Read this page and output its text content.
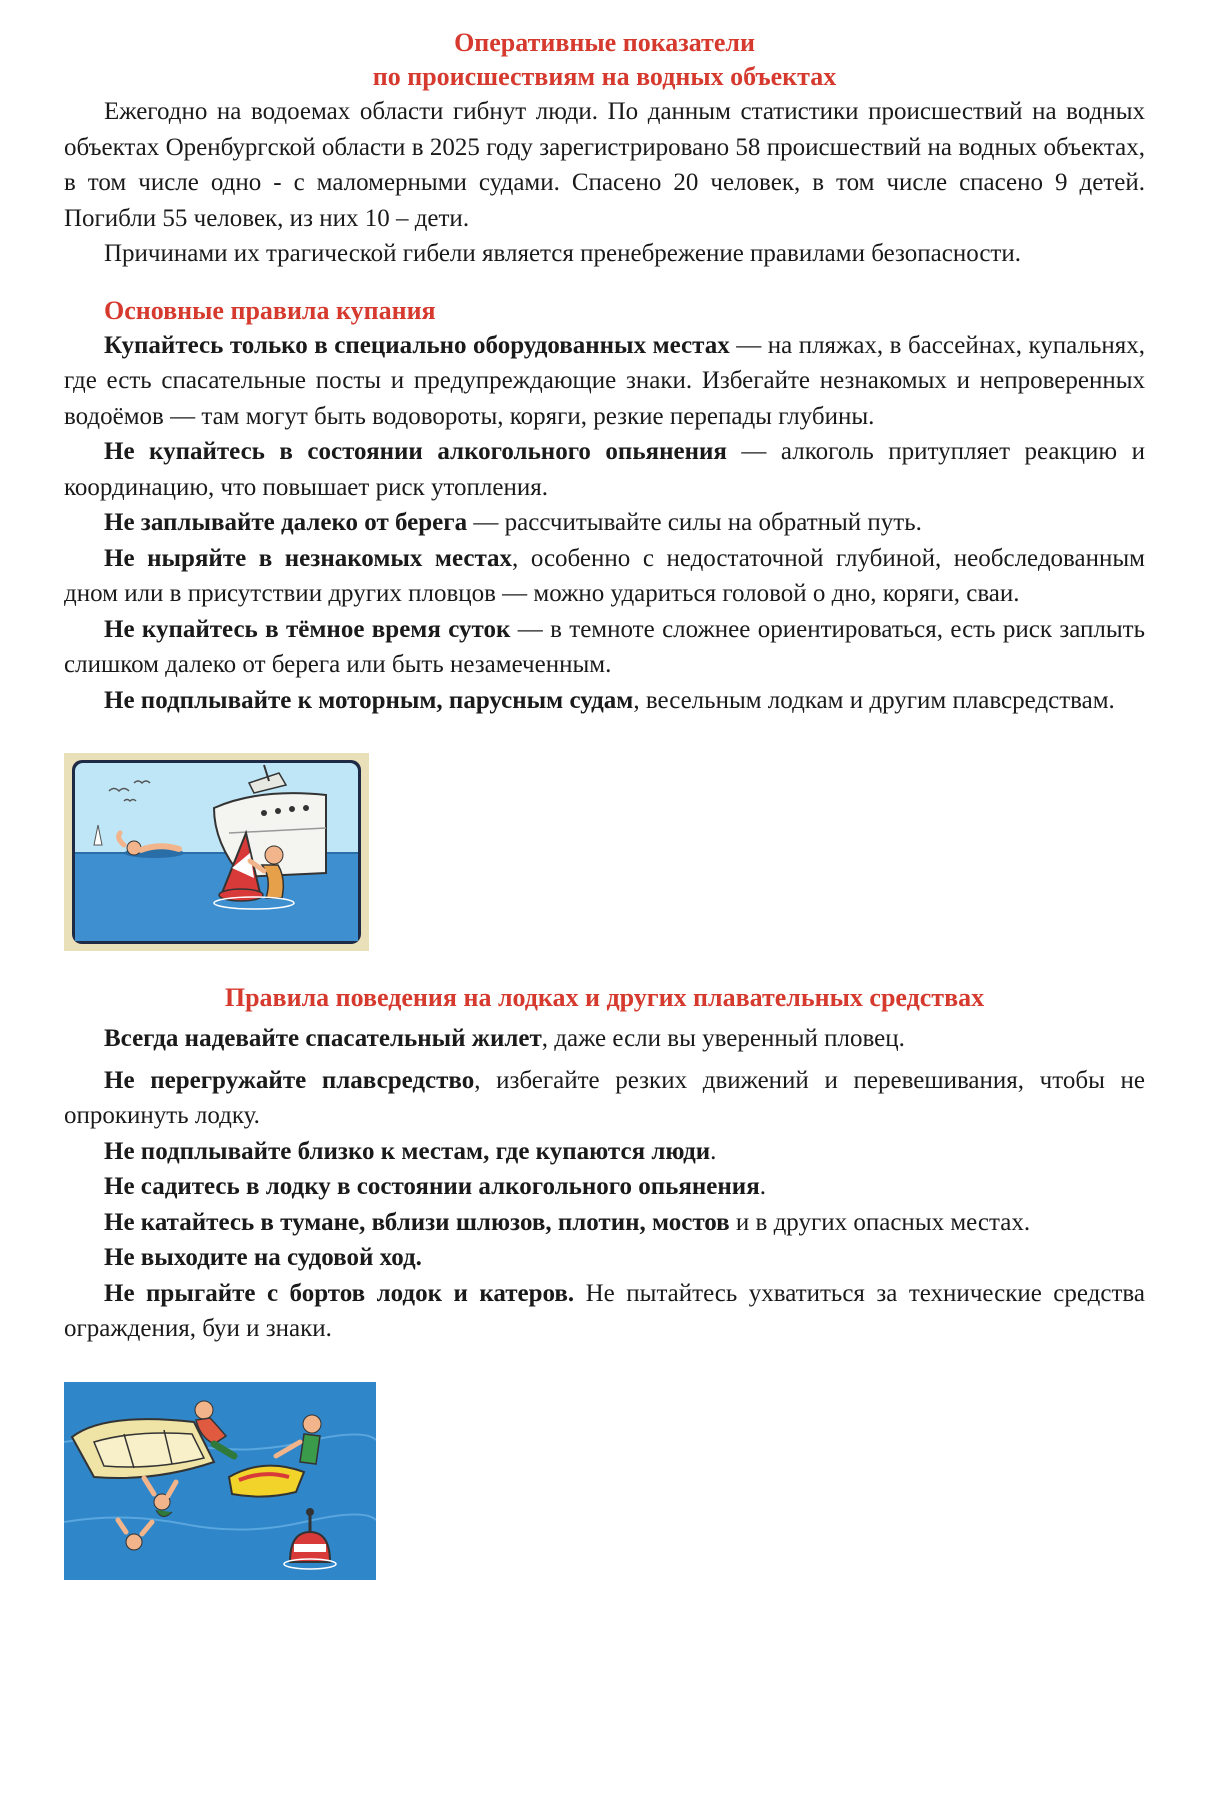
Оперативные показатели
по происшествиям на водных объектах

Ежегодно на водоемах области гибнут люди. По данным статистики происшествий на водных объектах Оренбургской области в 2025 году зарегистрировано 58 происшествий на водных объектах, в том числе одно - с маломерными судами. Спасено 20 человек, в том числе спасено 9 детей. Погибли 55 человек, из них 10 – дети.

Причинами их трагической гибели является пренебрежение правилами безопасности.

Основные правила купания

Купайтесь только в специально оборудованных местах — на пляжах, в бассейнах, купальнях, где есть спасательные посты и предупреждающие знаки. Избегайте незнакомых и непроверенных водоёмов — там могут быть водовороты, коряги, резкие перепады глубины.

Не купайтесь в состоянии алкогольного опьянения — алкоголь притупляет реакцию и координацию, что повышает риск утопления.

Не заплывайте далеко от берега — рассчитывайте силы на обратный путь.

Не ныряйте в незнакомых местах, особенно с недостаточной глубиной, необследованным дном или в присутствии других пловцов — можно удариться головой о дно, коряги, сваи.

Не купайтесь в тёмное время суток — в темноте сложнее ориентироваться, есть риск заплыть слишком далеко от берега или быть незамеченным.

Не подплывайте к моторным, парусным судам, весельным лодкам и другим плавсредствам.

Правила поведения на лодках и других плавательных средствах

Всегда надевайте спасательный жилет, даже если вы уверенный пловец.

Не перегружайте плавсредство, избегайте резких движений и перевешивания, чтобы не опрокинуть лодку.

Не подплывайте близко к местам, где купаются люди.

Не садитесь в лодку в состоянии алкогольного опьянения.

Не катайтесь в тумане, вблизи шлюзов, плотин, мостов и в других опасных местах.

Не выходите на судовой ход.

Не прыгайте с бортов лодок и катеров. Не пытайтесь ухватиться за технические средства ограждения, буи и знаки.
